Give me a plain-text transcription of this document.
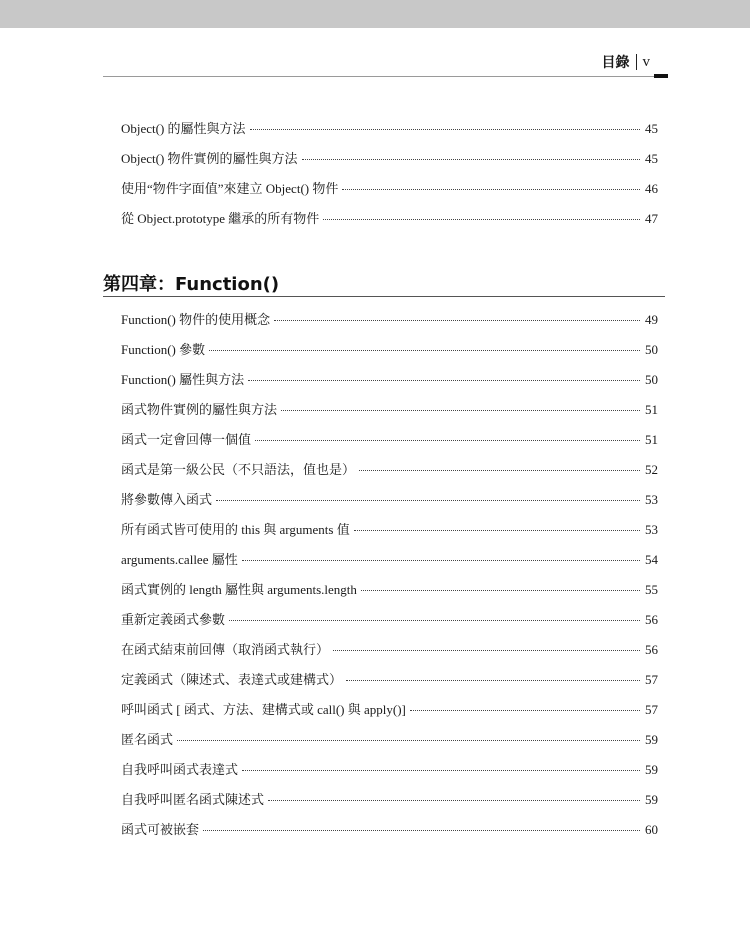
目錄 v
Object() 的屬性與方法	45
Object() 物件實例的屬性與方法	45
使用“物件字面值”來建立 Object() 物件	46
從 Object.prototype 繼承的所有物件	47
第四章：Function()
Function() 物件的使用概念	49
Function() 參數	50
Function() 屬性與方法	50
函式物件實例的屬性與方法	51
函式一定會回傳一個值	51
函式是第一級公民（不只語法，值也是）	52
將參數傳入函式	53
所有函式皆可使用的 this 與 arguments 值	53
arguments.callee 屬性	54
函式實例的 length 屬性與 arguments.length	55
重新定義函式參數	56
在函式結束前回傳（取消函式執行）	56
定義函式（陳述式、表達式或建構式）	57
呼叫函式 [ 函式、方法、建構式或 call() 與 apply()]	57
匿名函式	59
自我呼叫函式表達式	59
自我呼叫匿名函式陳述式	59
函式可被嵌套	60
